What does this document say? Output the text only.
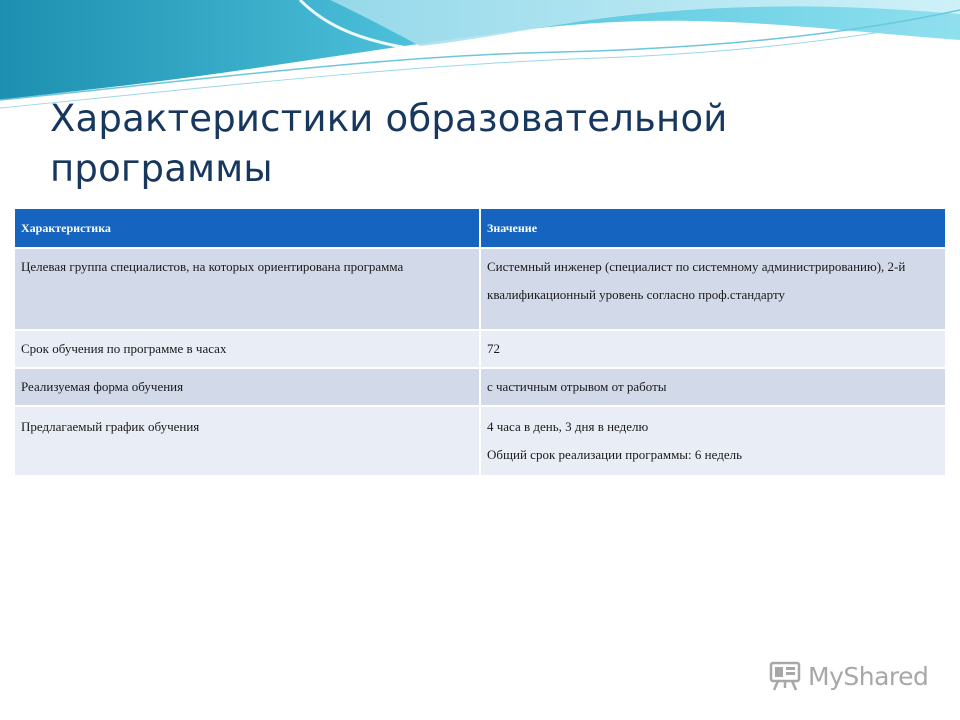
Характеристики образовательной программы
Характеристика	Значение
Целевая группа специалистов, на которых ориентирована программа	Системный инженер (специалист по системному администрированию), 2-й квалификационный уровень согласно проф.стандарту

Срок обучения по программе в часах	72

Реализуемая форма обучения	с частичным отрывом от работы

Предлагаемый график обучения	4 часа в день, 3 дня в неделю
Общий срок реализации программы: 6 недель
MyShared
